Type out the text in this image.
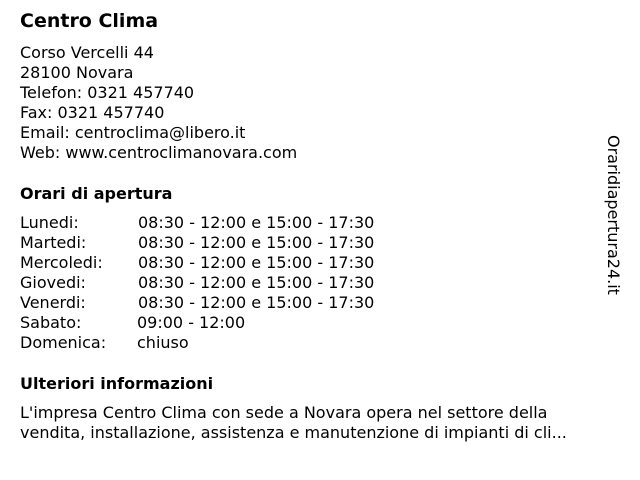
Centro Clima
Corso Vercelli 44
28100 Novara
Telefon: 0321 457740
Fax: 0321 457740
Email: centroclima@libero.it
Web: www.centroclimanovara.com
Orari di apertura
Lunedi:	08:30 - 12:00 e 15:00 - 17:30
Martedi:	08:30 - 12:00 e 15:00 - 17:30
Mercoledi: 08:30 - 12:00 e 15:00 - 17:30
Giovedi:	08:30 - 12:00 e 15:00 - 17:30
Venerdi:	08:30 - 12:00 e 15:00 - 17:30
Sabato:	09:00 - 12:00
Domenica: chiuso
Ulteriori informazioni
L'impresa Centro Clima con sede a Novara opera nel settore della
vendita, installazione, assistenza e manutenzione di impianti di cli...
Oraridiapertura24.it
